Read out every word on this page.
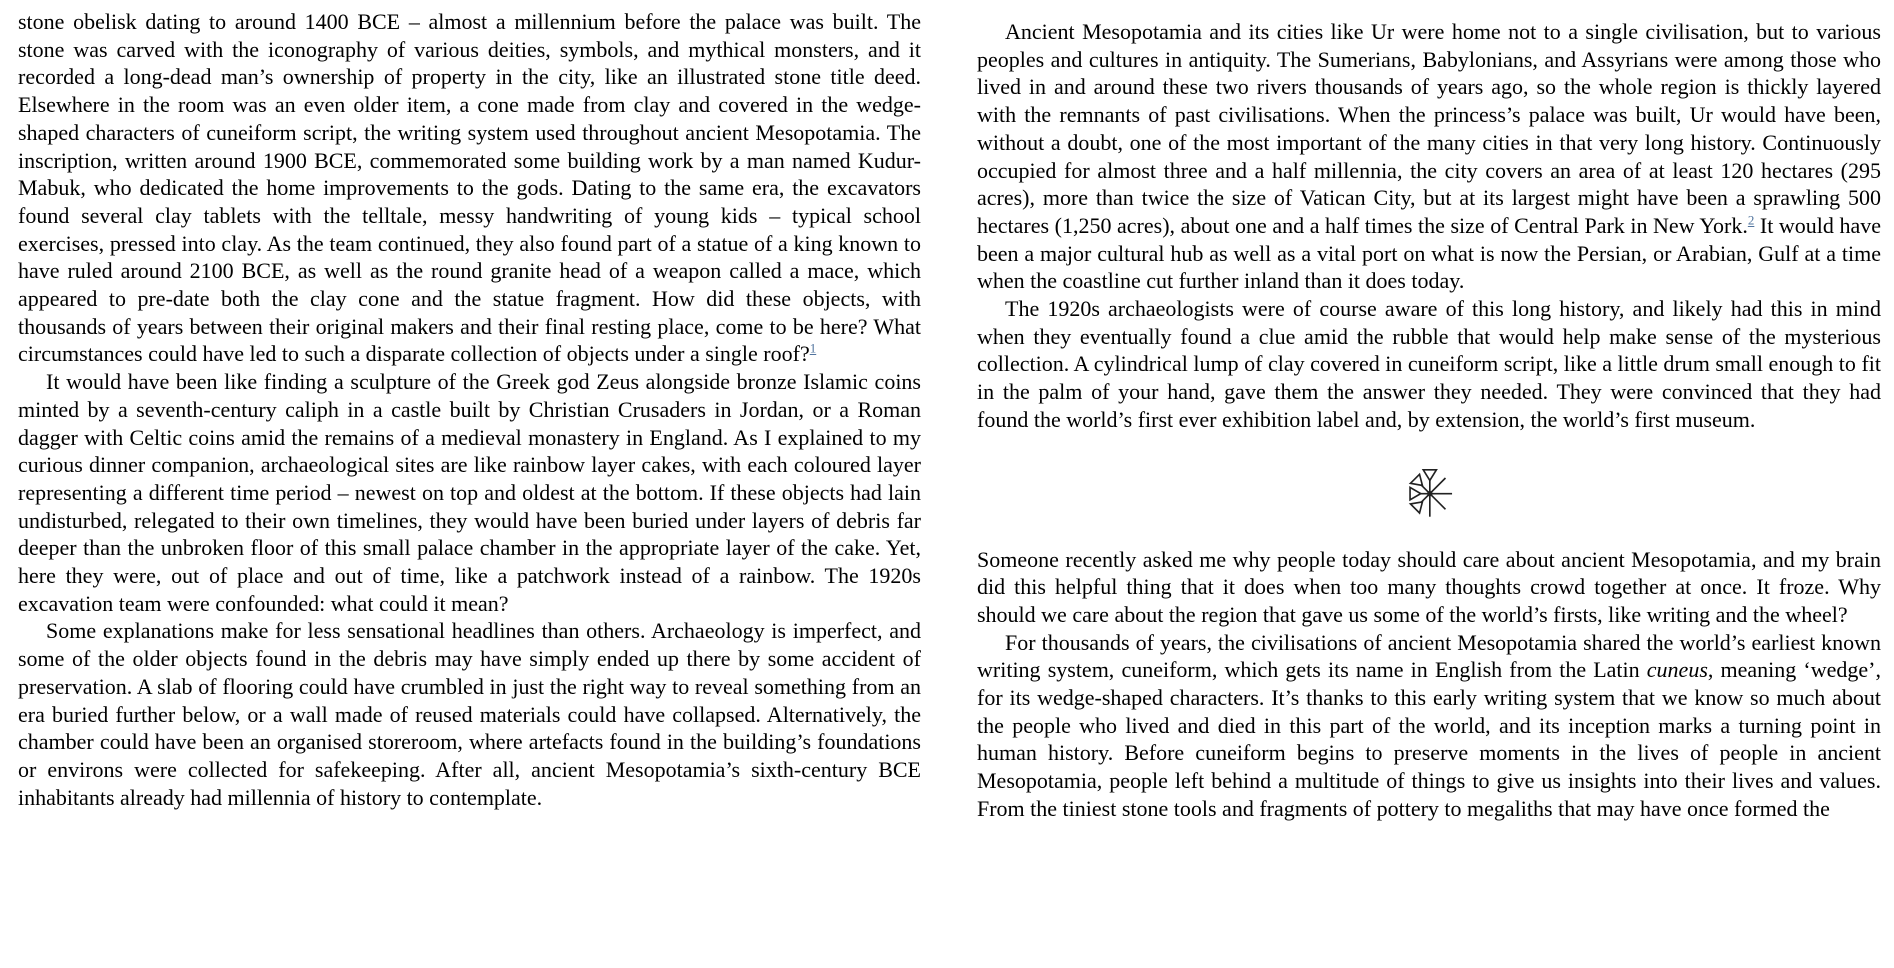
stone obelisk dating to around 1400 BCE – almost a millennium before the palace was built. The stone was carved with the iconography of various deities, symbols, and mythical monsters, and it recorded a long-dead man’s ownership of property in the city, like an illustrated stone title deed. Elsewhere in the room was an even older item, a cone made from clay and covered in the wedge-shaped characters of cuneiform script, the writing system used throughout ancient Mesopotamia. The inscription, written around 1900 BCE, commemorated some building work by a man named Kudur-Mabuk, who dedicated the home improvements to the gods. Dating to the same era, the excavators found several clay tablets with the telltale, messy handwriting of young kids – typical school exercises, pressed into clay. As the team continued, they also found part of a statue of a king known to have ruled around 2100 BCE, as well as the round granite head of a weapon called a mace, which appeared to pre-date both the clay cone and the statue fragment. How did these objects, with thousands of years between their original makers and their final resting place, come to be here? What circumstances could have led to such a disparate collection of objects under a single roof?$^1$

It would have been like finding a sculpture of the Greek god Zeus alongside bronze Islamic coins minted by a seventh-century caliph in a castle built by Christian Crusaders in Jordan, or a Roman dagger with Celtic coins amid the remains of a medieval monastery in England. As I explained to my curious dinner companion, archaeological sites are like rainbow layer cakes, with each coloured layer representing a different time period – newest on top and oldest at the bottom. If these objects had lain undisturbed, relegated to their own timelines, they would have been buried under layers of debris far deeper than the unbroken floor of this small palace chamber in the appropriate layer of the cake. Yet, here they were, out of place and out of time, like a patchwork instead of a rainbow. The 1920s excavation team were confounded: what could it mean?

Some explanations make for less sensational headlines than others. Archaeology is imperfect, and some of the older objects found in the debris may have simply ended up there by some accident of preservation. A slab of flooring could have crumbled in just the right way to reveal something from an era buried further below, or a wall made of reused materials could have collapsed. Alternatively, the chamber could have been an organised storeroom, where artefacts found in the building’s foundations or environs were collected for safekeeping. After all, ancient Mesopotamia’s sixth-century BCE inhabitants already had millennia of history to contemplate.

Ancient Mesopotamia and its cities like Ur were home not to a single civilisation, but to various peoples and cultures in antiquity. The Sumerians, Babylonians, and Assyrians were among those who lived in and around these two rivers thousands of years ago, so the whole region is thickly layered with the remnants of past civilisations. When the princess’s palace was built, Ur would have been, without a doubt, one of the most important of the many cities in that very long history. Continuously occupied for almost three and a half millennia, the city covers an area of at least 120 hectares (295 acres), more than twice the size of Vatican City, but at its largest might have been a sprawling 500 hectares (1,250 acres), about one and a half times the size of Central Park in New York.$^2$ It would have been a major cultural hub as well as a vital port on what is now the Persian, or Arabian, Gulf at a time when the coastline cut further inland than it does today.

The 1920s archaeologists were of course aware of this long history, and likely had this in mind when they eventually found a clue amid the rubble that would help make sense of the mysterious collection. A cylindrical lump of clay covered in cuneiform script, like a little drum small enough to fit in the palm of your hand, gave them the answer they needed. They were convinced that they had found the world’s first ever exhibition label and, by extension, the world’s first museum.

Someone recently asked me why people today should care about ancient Mesopotamia, and my brain did this helpful thing that it does when too many thoughts crowd together at once. It froze. Why should we care about the region that gave us some of the world’s firsts, like writing and the wheel?

For thousands of years, the civilisations of ancient Mesopotamia shared the world’s earliest known writing system, cuneiform, which gets its name in English from the Latin cuneus, meaning ‘wedge’, for its wedge-shaped characters. It’s thanks to this early writing system that we know so much about the people who lived and died in this part of the world, and its inception marks a turning point in human history. Before cuneiform begins to preserve moments in the lives of people in ancient Mesopotamia, people left behind a multitude of things to give us insights into their lives and values. From the tiniest stone tools and fragments of pottery to megaliths that may have once formed the
